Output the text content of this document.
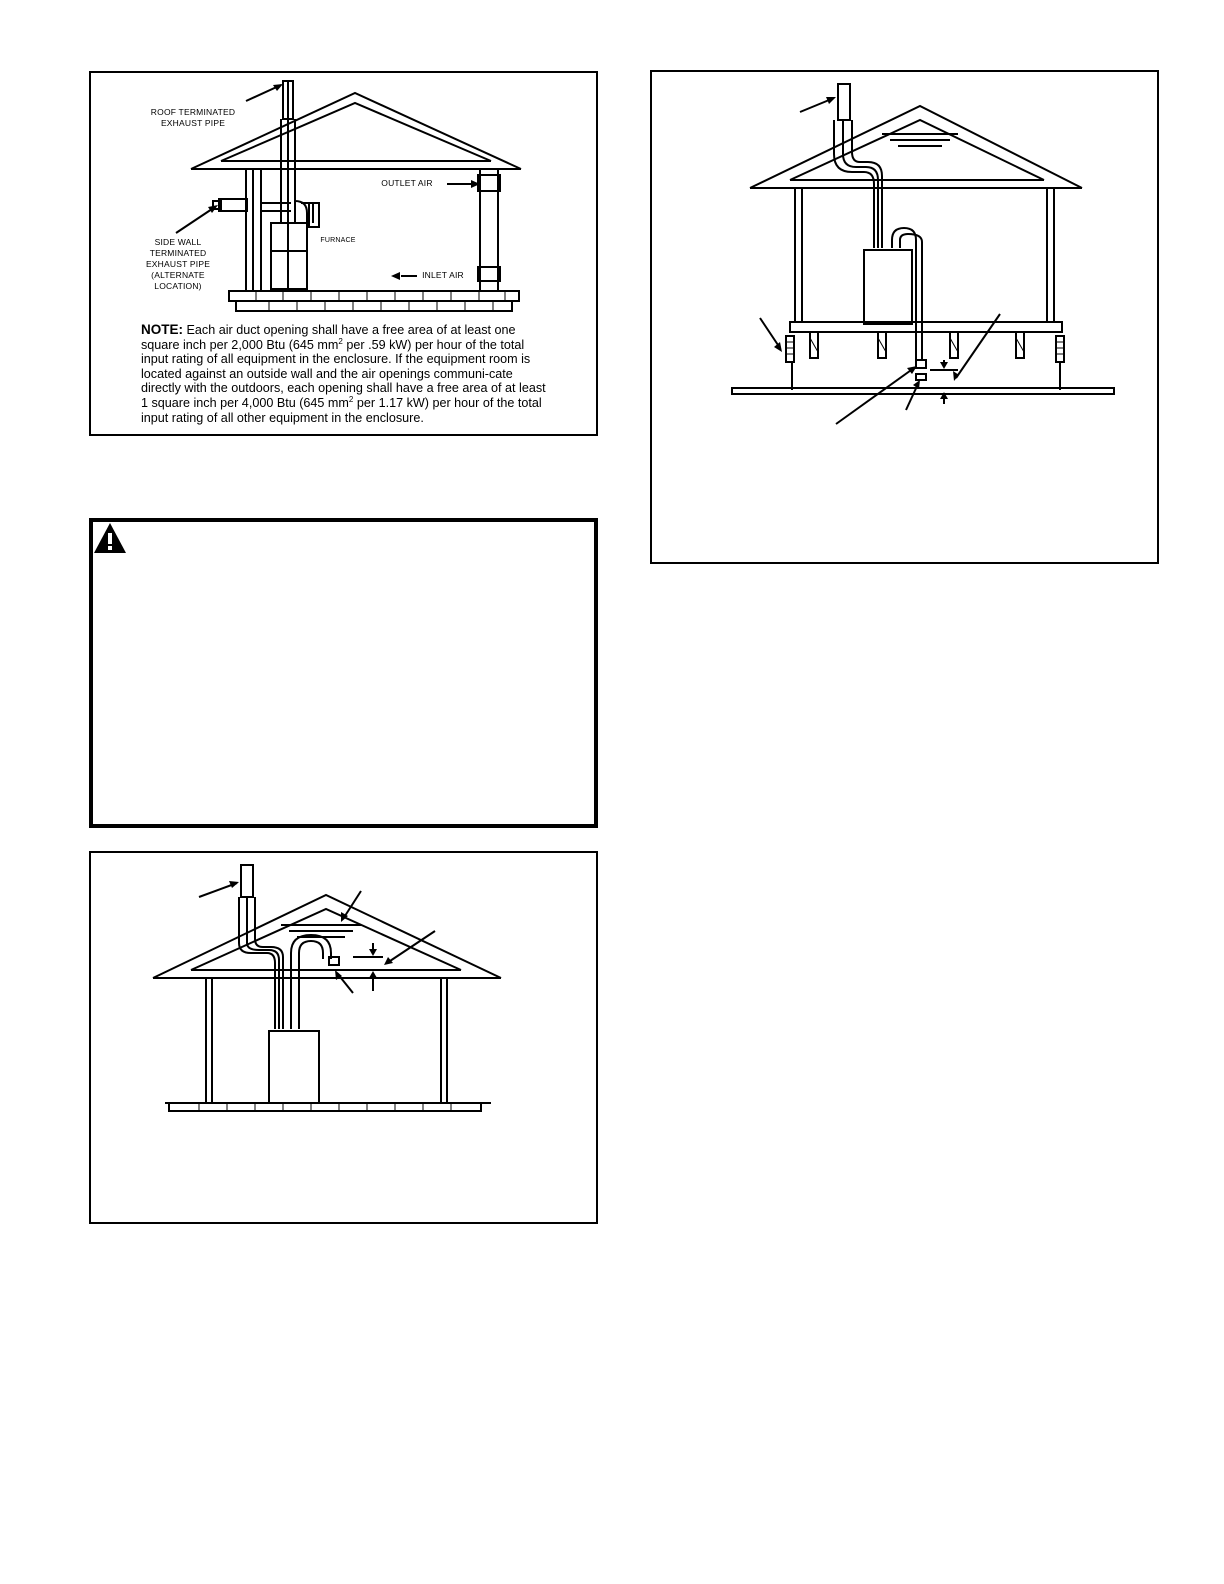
ROOF TERMINATED
EXHAUST PIPE
OUTLET AIR
FURNACE
SIDE WALL
TERMINATED
EXHAUST PIPE
(ALTERNATE
LOCATION)
INLET AIR
NOTE: Each air duct opening shall have a free area of at least one square inch per 2,000 Btu (645 $mm^2$ per .59 kW) per hour of the total input rating of all equipment in the enclosure. If the equipment room is located against an outside wall and the air openings communi-cate directly with the outdoors, each opening shall have a free area of at least 1 square inch per 4,000 Btu (645 $mm^2$ per 1.17 kW) per hour of the total input rating of all other equipment in the enclosure.
